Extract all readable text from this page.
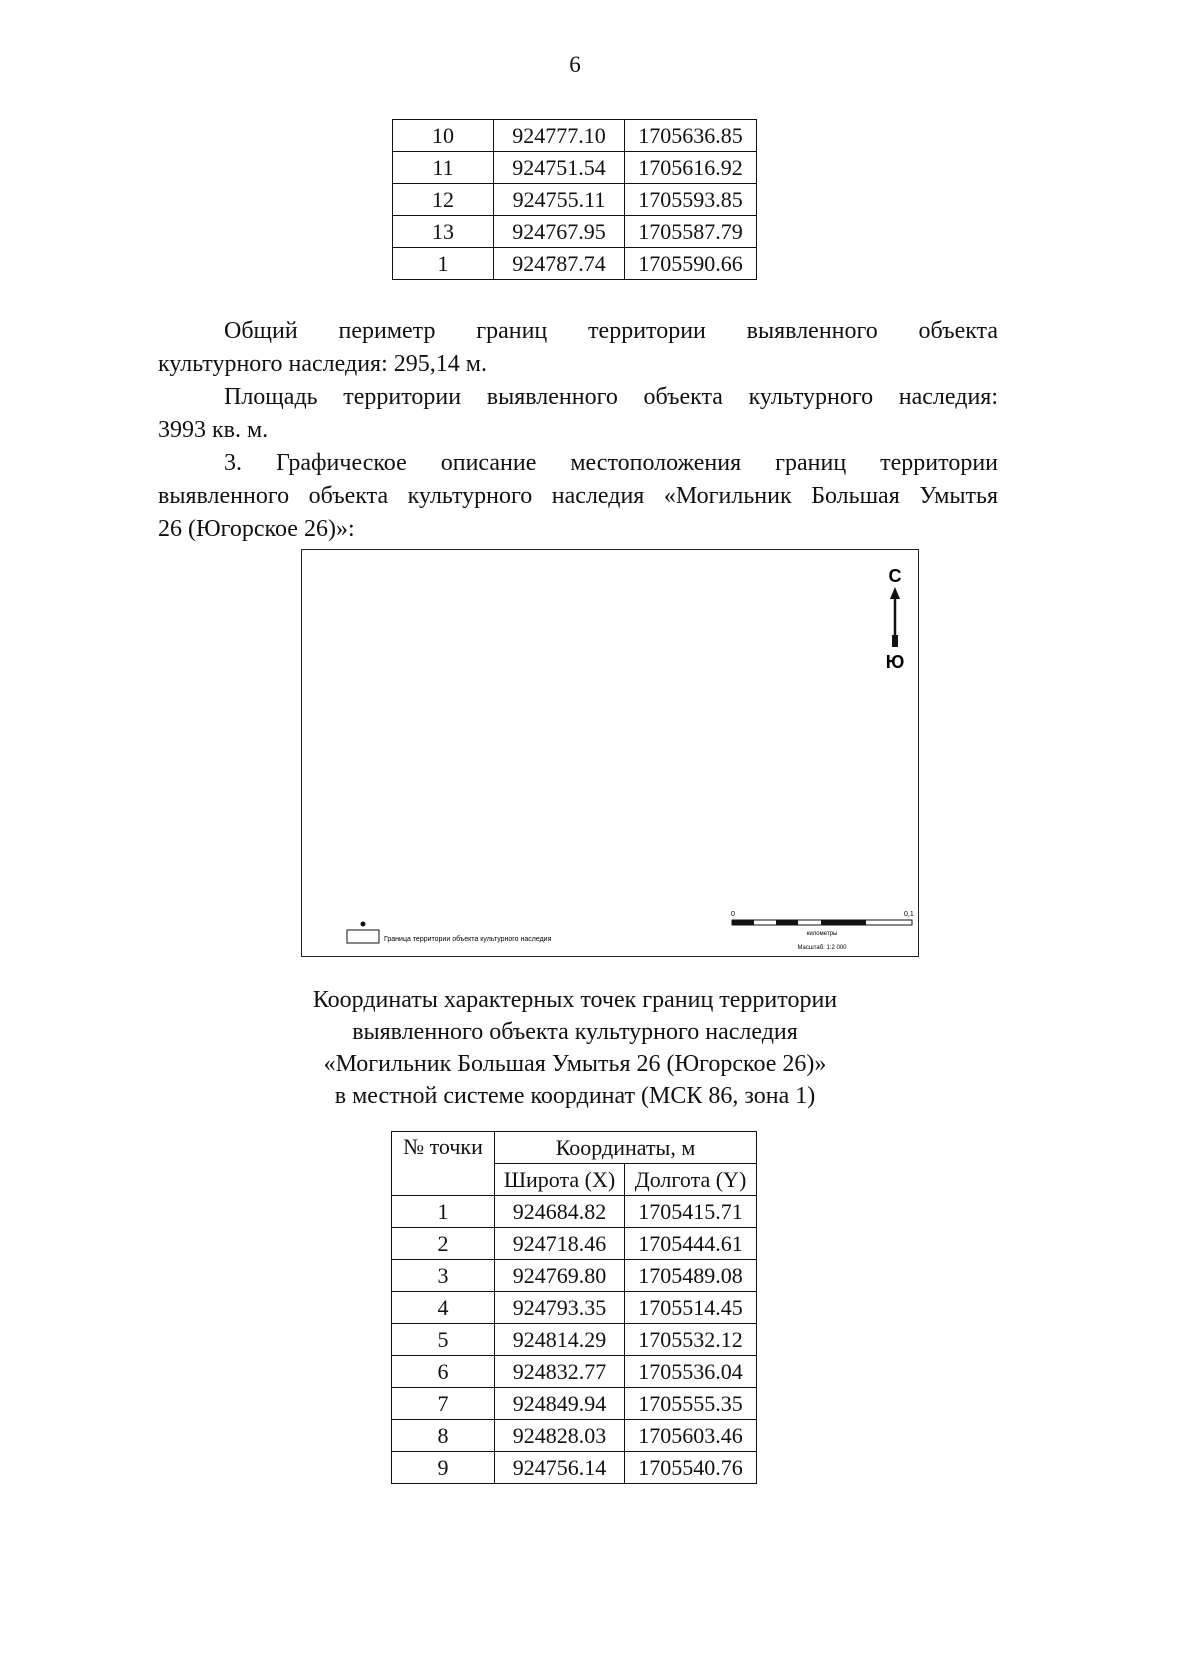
6
10	924777.10	1705636.85
11	924751.54	1705616.92
12	924755.11	1705593.85
13	924767.95	1705587.79
1	924787.74	1705590.66
Общий периметр границ территории выявленного объекта
культурного наследия: 295,14 м.
Площадь территории выявленного объекта культурного наследия:
3993 кв. м.
3. Графическое описание местоположения границ территории
выявленного объекта культурного наследия «Могильник Большая Умытья
26 (Югорское 26)»:
С
Ю
Граница территории объекта культурного наследия
0	0,1
километры
Масштаб: 1:2 000
Координаты характерных точек границ территории
выявленного объекта культурного наследия
«Могильник Большая Умытья 26 (Югорское 26)»
в местной системе координат (МСК 86, зона 1)
№ точки	Координаты, м	
	Широта (X)	Долгота (Y)
1	924684.82	1705415.71
2	924718.46	1705444.61
3	924769.80	1705489.08
4	924793.35	1705514.45
5	924814.29	1705532.12
6	924832.77	1705536.04
7	924849.94	1705555.35
8	924828.03	1705603.46
9	924756.14	1705540.76
